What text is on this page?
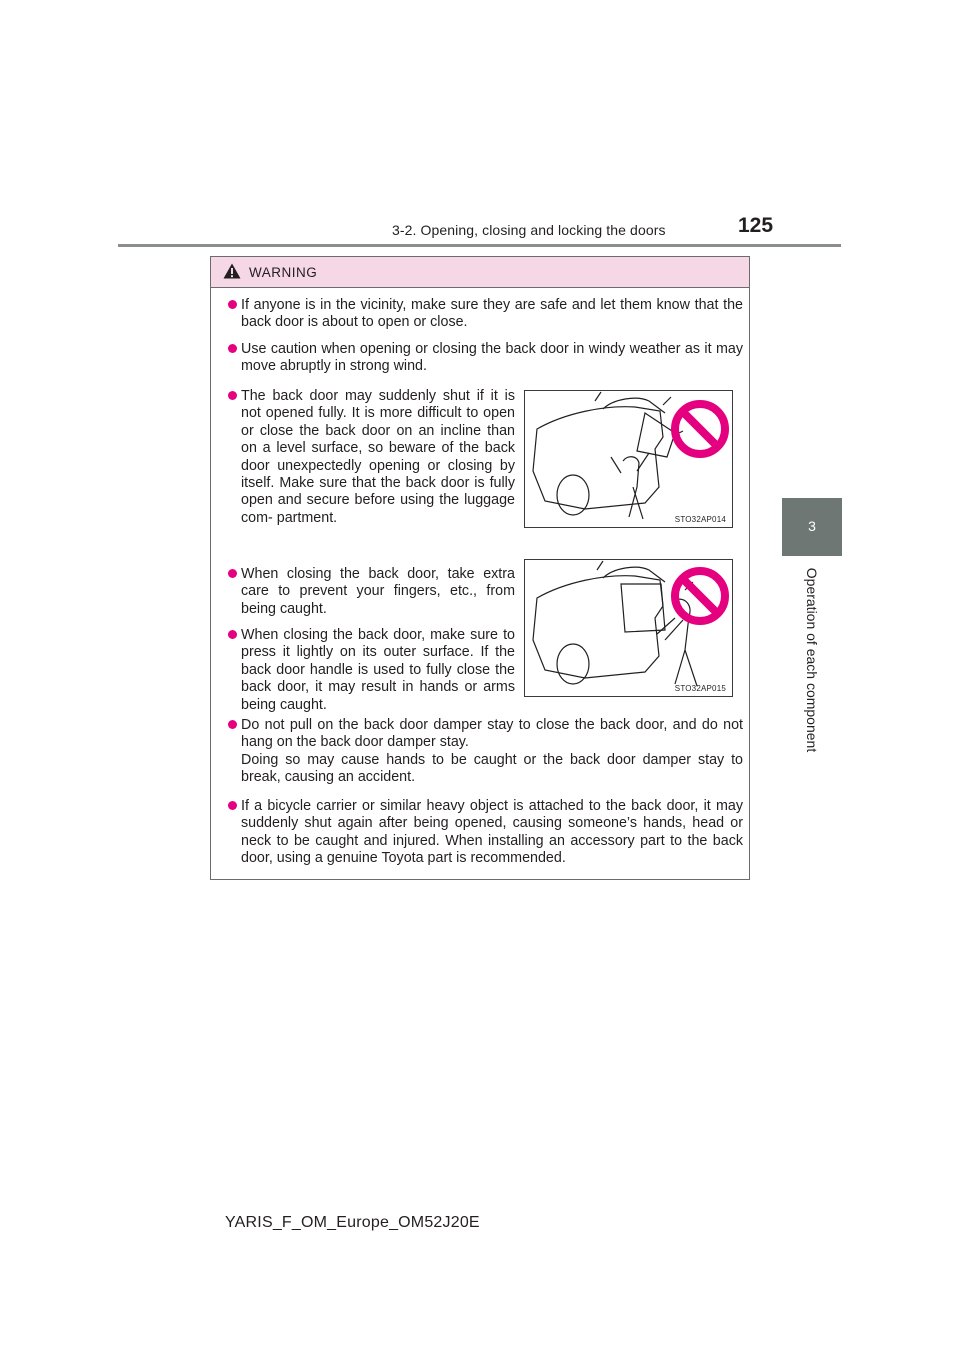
3-2. Opening, closing and locking the doors	125
3
Operation of each component
WARNING

If anyone is in the vicinity, make sure they are safe and let them know that the back door is about to open or close.

Use caution when opening or closing the back door in windy weather as it may move abruptly in strong wind.

The back door may suddenly shut if it is not opened fully. It is more difficult to open or close the back door on an incline than on a level surface, so beware of the back door unexpectedly opening or closing by itself. Make sure that the back door is fully open and secure before using the luggage com- partment.	STO32AP014

When closing the back door, take extra care to prevent your fingers, etc., from being caught.

When closing the back door, make sure to press it lightly on its outer surface. If the back door handle is used to fully close the back door, it may result in hands or arms being caught.

STO32AP015

Do not pull on the back door damper stay to close the back door, and do not hang on the back door damper stay.

Doing so may cause hands to be caught or the back door damper stay to break, causing an accident.

If a bicycle carrier or similar heavy object is attached to the back door, it may suddenly shut again after being opened, causing someone’s hands, head or neck to be caught and injured. When installing an accessory part to the back door, using a genuine Toyota part is recommended.

YARIS_F_OM_Europe_OM52J20E
